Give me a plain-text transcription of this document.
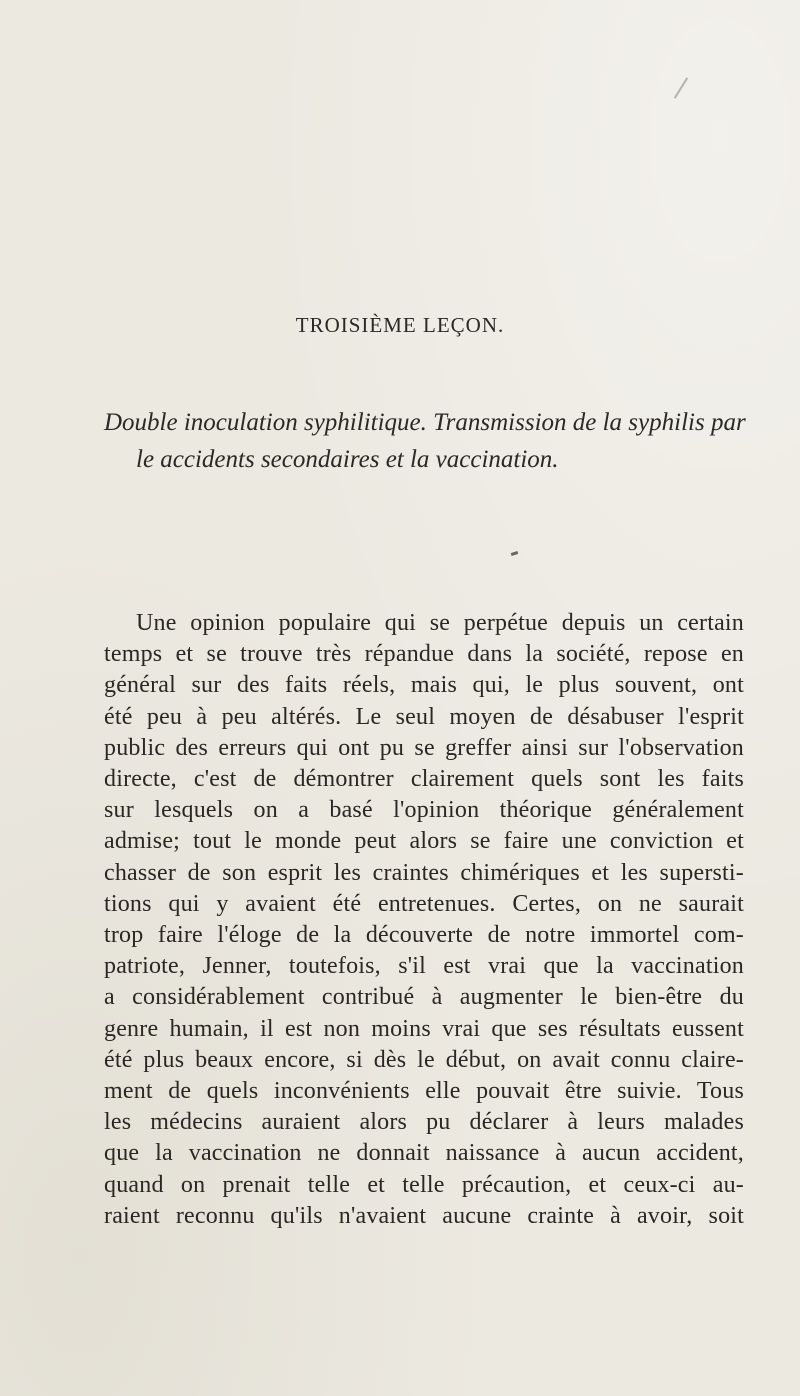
TROISIÈME LEÇON.
Double inoculation syphilitique. Transmission de la syphilis par
le accidents secondaires et la vaccination.
Une opinion populaire qui se perpétue depuis un certain
temps et se trouve très répandue dans la société, repose en
général sur des faits réels, mais qui, le plus souvent, ont
été peu à peu altérés. Le seul moyen de désabuser l'esprit
public des erreurs qui ont pu se greffer ainsi sur l'observation
directe, c'est de démontrer clairement quels sont les faits
sur lesquels on a basé l'opinion théorique généralement
admise; tout le monde peut alors se faire une conviction et
chasser de son esprit les craintes chimériques et les supersti-
tions qui y avaient été entretenues. Certes, on ne saurait
trop faire l'éloge de la découverte de notre immortel com-
patriote, Jenner, toutefois, s'il est vrai que la vaccination
a considérablement contribué à augmenter le bien-être du
genre humain, il est non moins vrai que ses résultats eussent
été plus beaux encore, si dès le début, on avait connu claire-
ment de quels inconvénients elle pouvait être suivie. Tous
les médecins auraient alors pu déclarer à leurs malades
que la vaccination ne donnait naissance à aucun accident,
quand on prenait telle et telle précaution, et ceux-ci au-
raient reconnu qu'ils n'avaient aucune crainte à avoir, soit
